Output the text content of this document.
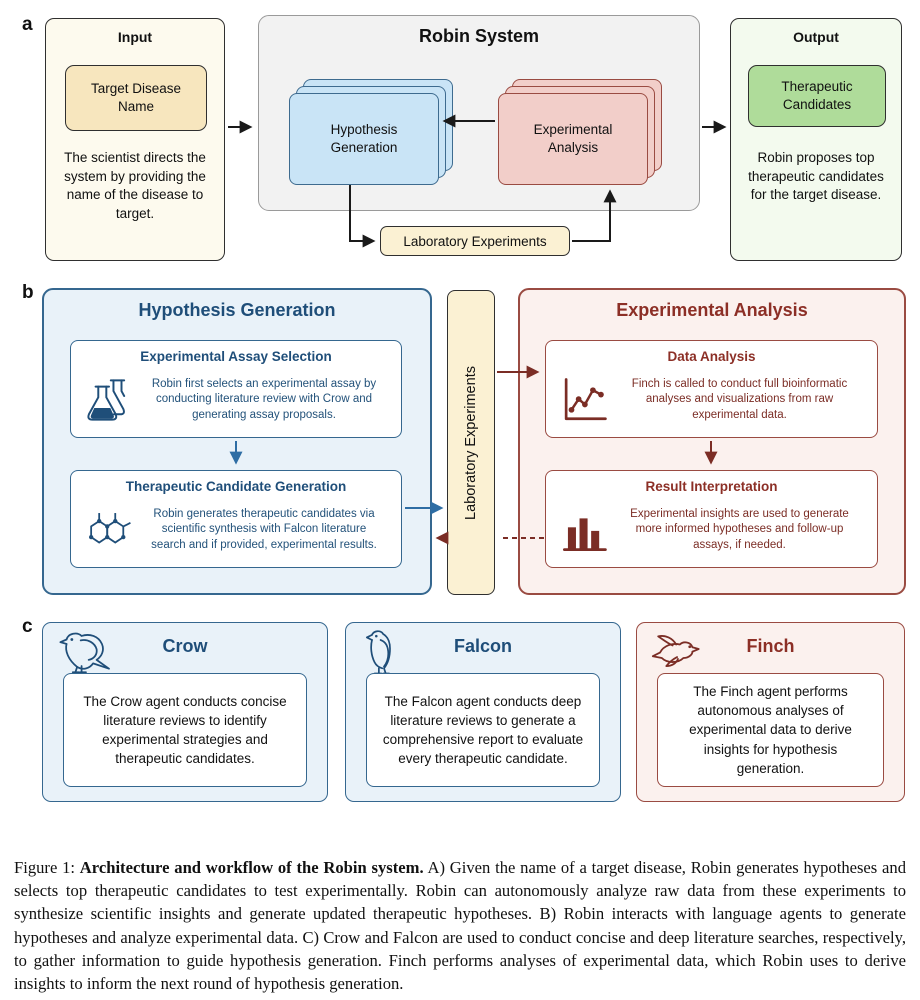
a
Input
Target Disease Name
The scientist directs the system by providing the name of the disease to target.
Robin System
Hypothesis Generation
Experimental Analysis
Laboratory Experiments
Output
Therapeutic Candidates
Robin proposes top therapeutic candidates for the target disease.
b
Hypothesis Generation
Experimental Assay Selection
Robin first selects an experimental assay by conducting literature review with Crow and generating assay proposals.
Therapeutic Candidate Generation
Robin generates therapeutic candidates via scientific synthesis with Falcon literature search and if provided, experimental results.
Laboratory Experiments
Experimental Analysis
Data Analysis
Finch is called to conduct full bioinformatic analyses and visualizations from raw experimental data.
Result Interpretation
Experimental insights are used to generate more informed hypotheses and follow-up assays, if needed.
c
Crow
The Crow agent conducts concise literature reviews to identify experimental strategies and therapeutic candidates.
Falcon
The Falcon agent conducts deep literature reviews to generate a comprehensive report to evaluate every therapeutic candidate.
Finch
The Finch agent performs autonomous analyses of experimental data to derive insights for hypothesis generation.

Figure 1: Architecture and workflow of the Robin system. A) Given the name of a target disease, Robin generates hypotheses and selects top therapeutic candidates to test experimentally. Robin can autonomously analyze raw data from these experiments to synthesize scientific insights and generate updated therapeutic hypotheses. B) Robin interacts with language agents to generate hypotheses and analyze experimental data. C) Crow and Falcon are used to conduct concise and deep literature searches, respectively, to gather information to guide hypothesis generation. Finch performs analyses of experimental data, which Robin uses to derive insights to inform the next round of hypothesis generation.
